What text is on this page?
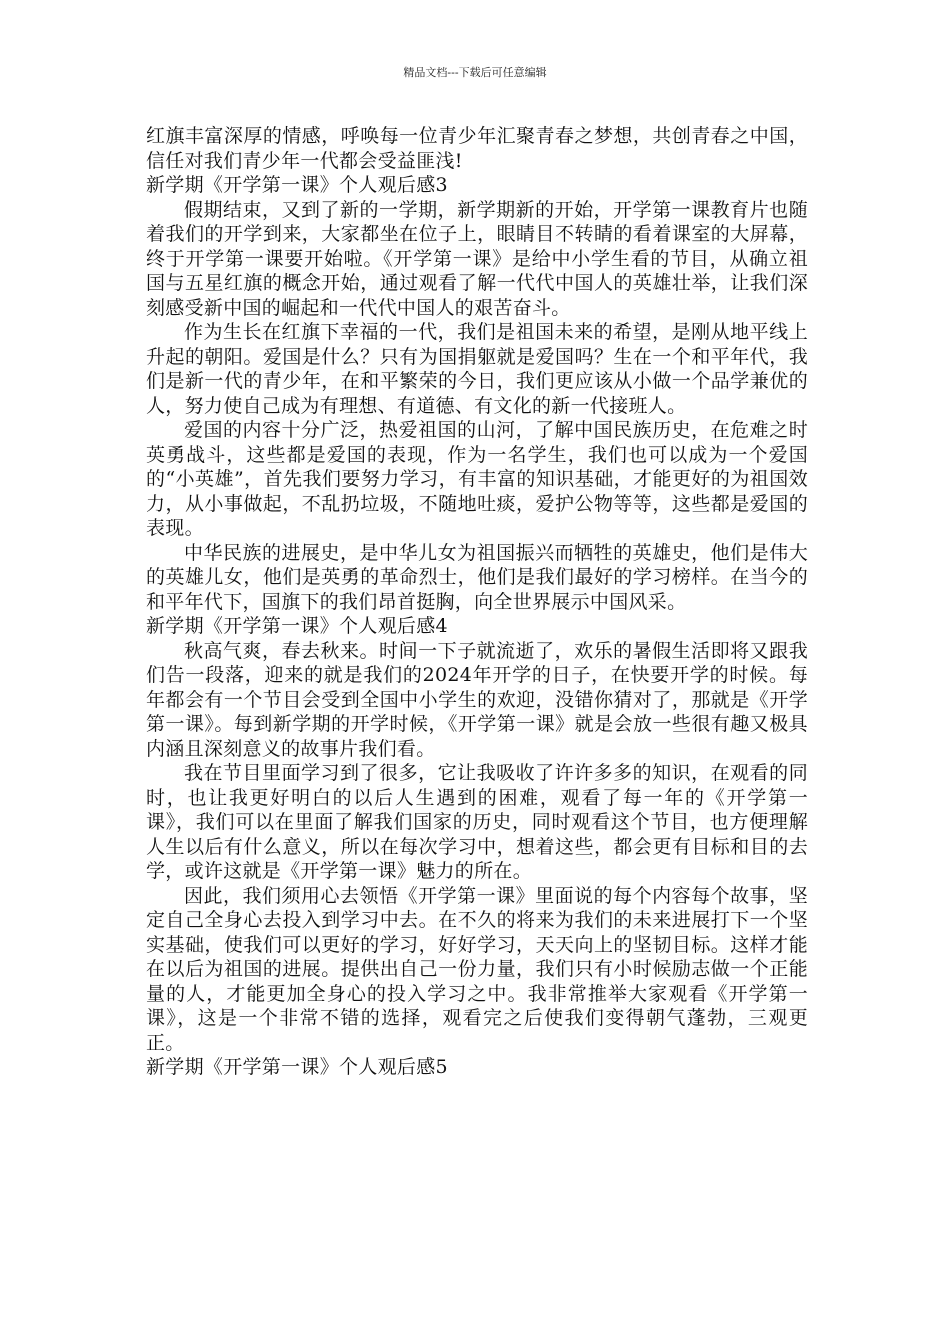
精品文档---下载后可任意编辑

红旗丰富深厚的情感，呼唤每一位青少年汇聚青春之梦想，共创青春之中国，信任对我们青少年一代都会受益匪浅!

新学期《开学第一课》个人观后感3

假期结束，又到了新的一学期，新学期新的开始，开学第一课教育片也随着我们的开学到来，大家都坐在位子上，眼睛目不转睛的看着课室的大屏幕，终于开学第一课要开始啦。《开学第一课》是给中小学生看的节目，从确立祖国与五星红旗的概念开始，通过观看了解一代代中国人的英雄壮举，让我们深刻感受新中国的崛起和一代代中国人的艰苦奋斗。

作为生长在红旗下幸福的一代，我们是祖国未来的希望，是刚从地平线上升起的朝阳。爱国是什么？只有为国捐躯就是爱国吗？生在一个和平年代，我们是新一代的青少年，在和平繁荣的今日，我们更应该从小做一个品学兼优的人，努力使自己成为有理想、有道德、有文化的新一代接班人。

爱国的内容十分广泛，热爱祖国的山河，了解中国民族历史，在危难之时英勇战斗，这些都是爱国的表现，作为一名学生，我们也可以成为一个爱国的“小英雄”，首先我们要努力学习，有丰富的知识基础，才能更好的为祖国效力，从小事做起，不乱扔垃圾，不随地吐痰，爱护公物等等，这些都是爱国的表现。

中华民族的进展史，是中华儿女为祖国振兴而牺牲的英雄史，他们是伟大的英雄儿女，他们是英勇的革命烈士，他们是我们最好的学习榜样。在当今的和平年代下，国旗下的我们昂首挺胸，向全世界展示中国风采。

新学期《开学第一课》个人观后感4

秋高气爽，春去秋来。时间一下子就流逝了，欢乐的暑假生活即将又跟我们告一段落，迎来的就是我们的2024年开学的日子，在快要开学的时候。每年都会有一个节目会受到全国中小学生的欢迎，没错你猜对了，那就是《开学第一课》。每到新学期的开学时候，《开学第一课》就是会放一些很有趣又极具内涵且深刻意义的故事片我们看。

我在节目里面学习到了很多，它让我吸收了许许多多的知识，在观看的同时，也让我更好明白的以后人生遇到的困难，观看了每一年的《开学第一课》，我们可以在里面了解我们国家的历史，同时观看这个节目，也方便理解人生以后有什么意义，所以在每次学习中，想着这些，都会更有目标和目的去学，或许这就是《开学第一课》魅力的所在。

因此，我们须用心去领悟《开学第一课》里面说的每个内容每个故事，坚定自己全身心去投入到学习中去。在不久的将来为我们的未来进展打下一个坚实基础，使我们可以更好的学习，好好学习，天天向上的坚韧目标。这样才能在以后为祖国的进展。提供出自己一份力量，我们只有小时候励志做一个正能量的人，才能更加全身心的投入学习之中。我非常推举大家观看《开学第一课》，这是一个非常不错的选择，观看完之后使我们变得朝气蓬勃，三观更正。

新学期《开学第一课》个人观后感5
